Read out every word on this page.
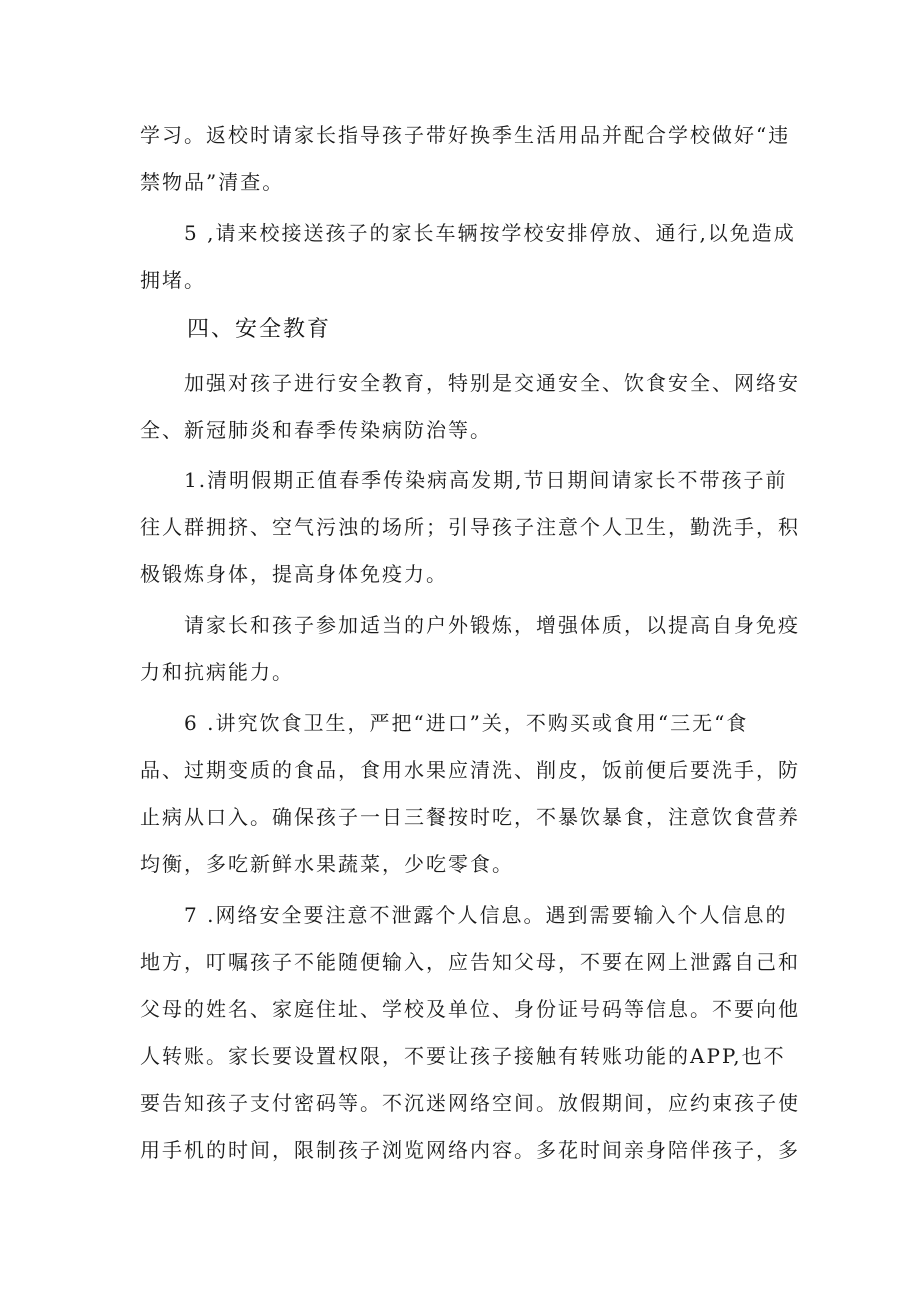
学习。返校时请家长指导孩子带好换季生活用品并配合学校做好“违
禁物品”清查。
5 ,请来校接送孩子的家长车辆按学校安排停放、通行,以免造成
拥堵。
四、安全教育
加强对孩子进行安全教育，特别是交通安全、饮食安全、网络安
全、新冠肺炎和春季传染病防治等。
1.清明假期正值春季传染病高发期,节日期间请家长不带孩子前
往人群拥挤、空气污浊的场所；引导孩子注意个人卫生，勤洗手，积
极锻炼身体，提高身体免疫力。
请家长和孩子参加适当的户外锻炼，增强体质，以提高自身免疫
力和抗病能力。
6 .讲究饮食卫生，严把“进口”关，不购买或食用“三无“食
品、过期变质的食品，食用水果应清洗、削皮，饭前便后要洗手，防
止病从口入。确保孩子一日三餐按时吃，不暴饮暴食，注意饮食营养
均衡，多吃新鲜水果蔬菜，少吃零食。
7 .网络安全要注意不泄露个人信息。遇到需要输入个人信息的
地方，叮嘱孩子不能随便输入，应告知父母，不要在网上泄露自己和
父母的姓名、家庭住址、学校及单位、身份证号码等信息。不要向他
人转账。家长要设置权限，不要让孩子接触有转账功能的APP,也不
要告知孩子支付密码等。不沉迷网络空间。放假期间，应约束孩子使
用手机的时间，限制孩子浏览网络内容。多花时间亲身陪伴孩子，多
